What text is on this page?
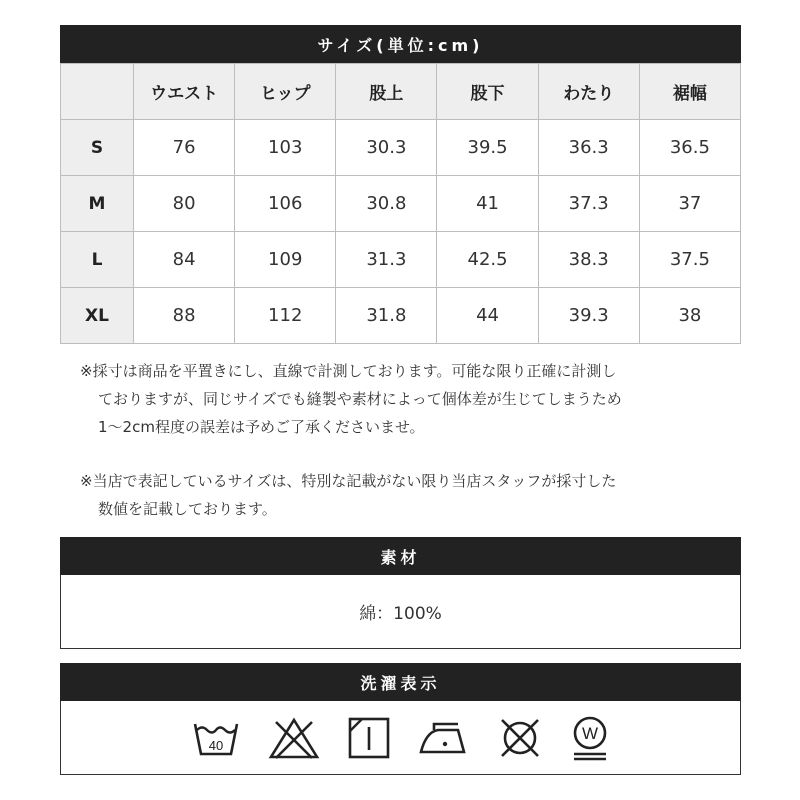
サイズ(単位:cm)
	ウエスト	ヒップ	股上	股下	わたり	裾幅
S	76	103	30.3	39.5	36.3	36.5
M	80	106	30.8	41	37.3	37
L	84	109	31.3	42.5	38.3	37.5
XL	88	112	31.8	44	39.3	38
※採寸は商品を平置きにし、直線で計測しております。可能な限り正確に計測し
ておりますが、同じサイズでも縫製や素材によって個体差が生じてしまうため
1～2cm程度の誤差は予めご了承くださいませ。
※当店で表記しているサイズは、特別な記載がない限り当店スタッフが採寸した
数値を記載しております。
素材
綿：100%
洗濯表示
40
W
